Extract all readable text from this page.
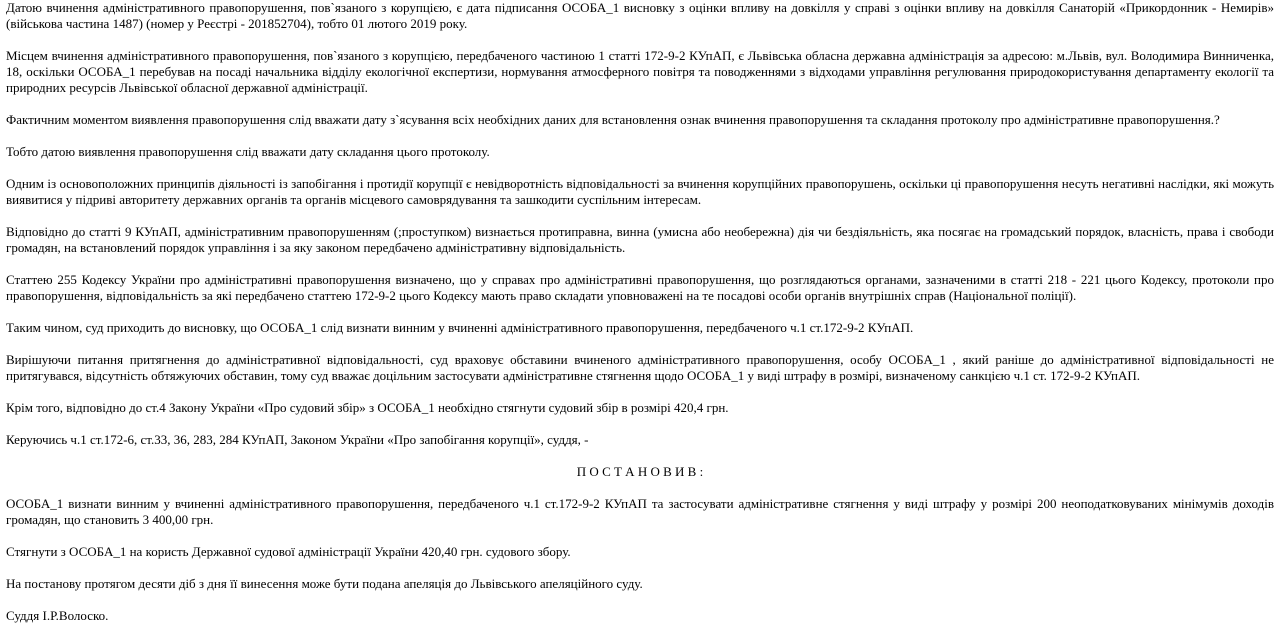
Датою вчинення адміністративного правопорушення, пов`язаного з корупцією, є дата підписання ОСОБА_1 висновку з оцінки впливу на довкілля у справі з оцінки впливу на довкілля Санаторій «Прикордонник - Немирів» (військова частина 1487) (номер у Реєстрі - 201852704), тобто 01 лютого 2019 року.

Місцем вчинення адміністративного правопорушення, пов`язаного з корупцією, передбаченого частиною 1 статті 172-9-2 КУпАП, є Львівська обласна державна адміністрація за адресою: м.Львів, вул. Володимира Винниченка, 18, оскільки ОСОБА_1 перебував на посаді начальника відділу екологічної експертизи, нормування атмосферного повітря та поводженнями з відходами управління регулювання природокористування департаменту екології та природних ресурсів Львівської обласної державної адміністрації.

Фактичним моментом виявлення правопорушення слід вважати дату з`ясування всіх необхідних даних для встановлення ознак вчинення правопорушення та складання протоколу про адміністративне правопорушення.?

Тобто датою виявлення правопорушення слід вважати дату складання цього протоколу.

Одним із основоположних принципів діяльності із запобігання і протидії корупції є невідворотність відповідальності за вчинення корупційних правопорушень, оскільки ці правопорушення несуть негативні наслідки, які можуть виявитися у підриві авторитету державних органів та органів місцевого самоврядування та зашкодити суспільним інтересам.

Відповідно до статті 9 КУпАП, адміністративним правопорушенням (;проступком) визнається протиправна, винна (умисна або необережна) дія чи бездіяльність, яка посягає на громадський порядок, власність, права і свободи громадян, на встановлений порядок управління і за яку законом передбачено адміністративну відповідальність.

Статтею 255 Кодексу України про адміністративні правопорушення визначено, що у справах про адміністративні правопорушення, що розглядаються органами, зазначеними в статті 218 - 221 цього Кодексу, протоколи про правопорушення, відповідальність за які передбачено статтею 172-9-2 цього Кодексу мають право складати уповноважені на те посадові особи органів внутрішніх справ (Національної поліції).

Таким чином, суд приходить до висновку, що ОСОБА_1 слід визнати винним у вчиненні адміністративного правопорушення, передбаченого ч.1 ст.172-9-2 КУпАП.

Вирішуючи питання притягнення до адміністративної відповідальності, суд враховує обставини вчиненого адміністративного правопорушення, особу ОСОБА_1 , який раніше до адміністративної відповідальності не притягувався, відсутність обтяжуючих обставин, тому суд вважає доцільним застосувати адміністративне стягнення щодо ОСОБА_1 у виді штрафу в розмірі, визначеному санкцією ч.1 ст. 172-9-2 КУпАП.

Крім того, відповідно до ст.4 Закону України «Про судовий збір» з ОСОБА_1 необхідно стягнути судовий збір в розмірі 420,4 грн.

Керуючись ч.1 ст.172-6, ст.33, 36, 283, 284 КУпАП, Законом України «Про запобігання корупції», суддя, -

П О С Т А Н О В И В :

ОСОБА_1 визнати винним у вчиненні адміністративного правопорушення, передбаченого ч.1 ст.172-9-2 КУпАП та застосувати адміністративне стягнення у виді штрафу у розмірі 200 неоподатковуваних мінімумів доходів громадян, що становить 3 400,00 грн.

Стягнути з ОСОБА_1 на користь Державної судової адміністрації України 420,40 грн. судового збору.

На постанову протягом десяти діб з дня її винесення може бути подана апеляція до Львівського апеляційного суду.

Суддя І.Р.Волоско.
